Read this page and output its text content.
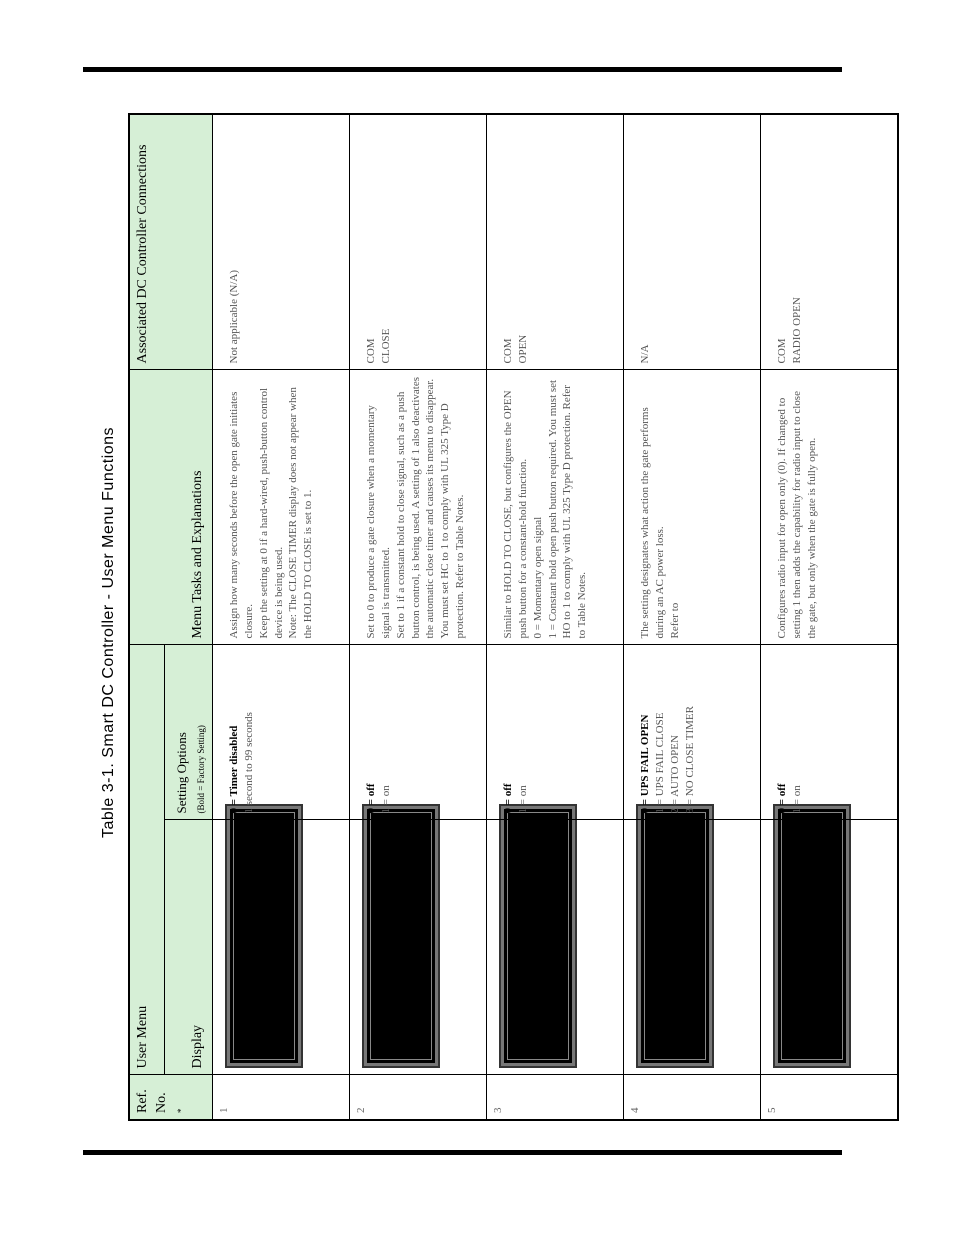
Table 3-1. Smart DC Controller - User Menu Functions
Ref. No. *	User Menu		Menu Tasks and Explanations	Associated DC Controller Connections
	Display	Setting Options (Bold = Factory Setting)		
1		0 = Timer disabled 1 second to 99 seconds	Assign how many seconds before the open gate initiates closure. Keep the setting at 0 if a hard-wired, push-button control device is being used. Note: The CLOSE TIMER display does not appear when the HOLD TO CLOSE is set to 1.	Not applicable (N/A)

2		0 = off 1 = on	Set to 0 to produce a gate closure when a momentary signal is transmitted. Set to 1 if a constant hold to close signal, such as a push button control, is being used. A setting of 1 also deactivates the automatic close timer and causes its menu to disappear. You must set HC to 1 to comply with UL 325 Type D protection. Refer to Table Notes.	COM CLOSE

3		0 = off 1 = on	Similar to HOLD TO CLOSE, but configures the OPEN push button for a constant-hold function. 0 = Momentary open signal 1 = Constant hold open push button required. You must set HO to 1 to comply with UL 325 Type D protection. Refer to Table Notes.	COM OPEN

4		0 = UPS FAIL OPEN 1 = UPS FAIL CLOSE 2 = AUTO OPEN 3 = NO CLOSE TIMER	The setting designates what action the gate performs during an AC power loss. Refer to	N/A

5		0 = off 1 = on	Configures radio input for open only (0). If changed to setting 1 then adds the capability for radio input to close the gate, but only when the gate is fully open.	COM RADIO OPEN
